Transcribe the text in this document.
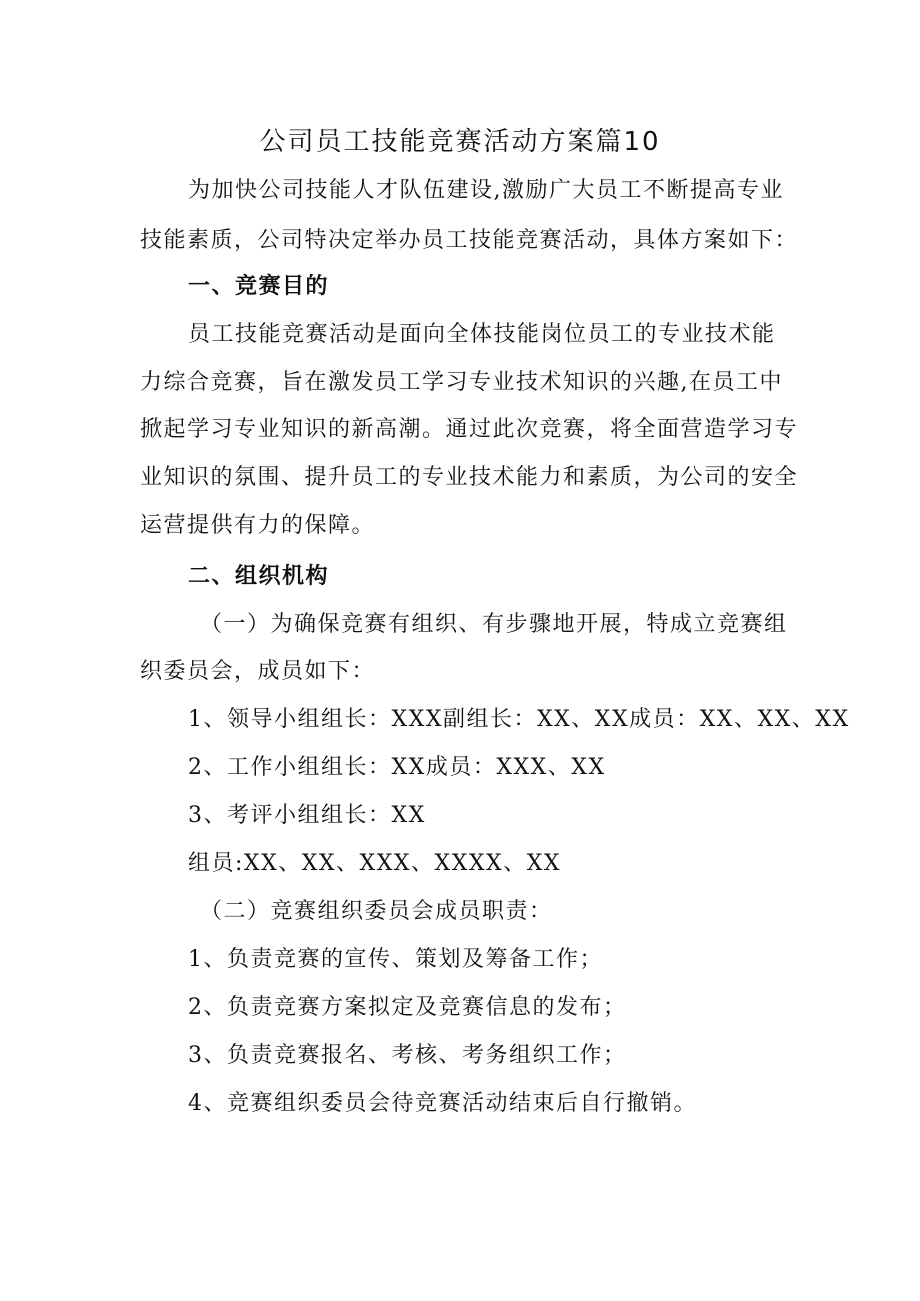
公司员工技能竞赛活动方案篇10
为加快公司技能人才队伍建设,激励广大员工不断提高专业
技能素质，公司特决定举办员工技能竞赛活动，具体方案如下：
一、竞赛目的
员工技能竞赛活动是面向全体技能岗位员工的专业技术能
力综合竞赛，旨在激发员工学习专业技术知识的兴趣,在员工中
掀起学习专业知识的新高潮。通过此次竞赛，将全面营造学习专
业知识的氛围、提升员工的专业技术能力和素质，为公司的安全
运营提供有力的保障。
二、组织机构
（一）为确保竞赛有组织、有步骤地开展，特成立竞赛组
织委员会，成员如下：
1、领导小组组长：XXX副组长：XX、XX成员：XX、XX、XX
2、工作小组组长：XX成员：XXX、XX
3、考评小组组长：XX
组员:XX、XX、XXX、XXXX、XX
（二）竞赛组织委员会成员职责：
1、负责竞赛的宣传、策划及筹备工作；
2、负责竞赛方案拟定及竞赛信息的发布；
3、负责竞赛报名、考核、考务组织工作；
4、竞赛组织委员会待竞赛活动结束后自行撤销。
